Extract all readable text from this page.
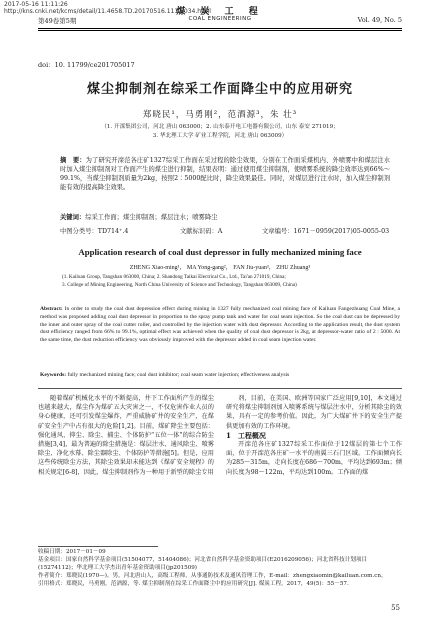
2017-05-16 11:11:26
http://kns.cnki.net/kcms/detail/11.4658.TD.20170516.1111.034.html
煤 炭 工 程
COAL ENGINEERING
第49卷第5期	Vol. 49, No. 5
doi：10. 11799/ce201705017
煤尘抑制剂在综采工作面降尘中的应用研究
郑晓民¹，马勇刚²，范酒源³，朱 壮³
（1. 开滦集团公司，河北 唐山 063000；2. 山东泰开电工电器有限公司，山东 泰安 271019；
3. 华北理工大学 矿业工程学院，河北 唐山 063009）
摘　要：为了研究开滦范各庄矿1327综采工作面在采过程的除尘效果，分别在工作面采煤机内、外喷雾中和煤层注水时加入煤尘抑制剂对工作面产生的煤尘进行抑制，结果表明：通过使用煤尘抑制剂，使喷雾系统的降尘效率达到66%～99.1%，当煤尘抑制剂质量为2kg，按照2∶5000配比时，降尘效果最佳。同时，对煤层进行注水时，加入煤尘抑制剂能有效的提高降尘效果。
关键词：综采工作面；煤尘抑制剂；煤层注水；喷雾降尘
中图分类号：TD714⁺.4	文献标识码：A	文章编号：1671－0959(2017)05-0055-03
Application research of coal dust depressor in fully mechanized mining face
ZHENG Xiao-ming¹， MA Yong-gang²， FAN Jiu-yuan³， ZHU Zhuang³
(1. Kailuan Group, Tangshan 063000, China; 2. Shandong Taikai Electrical Co., Ltd., Tai'an 271019, China;
3. College of Mining Engineering, North China University of Science and Technology, Tangshan 063009, China)
Abstract: In order to study the coal dust depression effect during mining in 1327 fully mechanized coal mining face of Kailuan Fangezhuang Coal Mine, a method was proposed adding coal dust depressor in proportion to the spray pump tank and water for coal seam injection. So the coal dust can be depressed by the inner and outer spray of the coal cutter roller, and controlled by the injection water with dust depressor. According to the application result, the dust system dust efficiency ranged from 66% to 99.1%, optimal effect was achieved when the quality of coal dust depressor is 2kg, at depressor-water ratio of 2 : 5000. At the same time, the dust reduction efficiency was obviously improved with the depressor added in coal seam injection water.
Keywords: fully mechanized mining face; coal dust inhibitor; coal seam water injection; effectiveness analysis

随着煤矿机械化水平的不断提高，井下工作面所产生的煤尘也越来越大，煤尘作为煤矿五大灾害之一，不仅危害作业人员的身心健康，还可引发煤尘爆炸，严重威胁矿井的安全生产，在煤矿安全生产中占有很大的危险[1,2]。目前，煤矿降尘主要包括：强化通风、抑尘、除尘、捕尘、个体防护“五位一体”的综合防尘措施[3,4]，最为普遍的除尘措施是：煤层注水、通风除尘、喷雾除尘、净化水幕、除尘器除尘、个体防护等措施[5]。但是，应用这些传统除尘方法，其除尘效果却未能达到《煤矿安全规程》的相关规定[6-8]，因此，煤尘抑制剂作为一种用于新型的除尘专用

剂，目前，在美国、欧洲等国家广泛应用[9,10]，本文通过研究将煤尘抑制剂加入喷雾系统与煤层注水中，分析其除尘的效果，具有一定的参考价值。因此，为广大煤矿井下的安全生产提供更加有效的工作环境。

1　工程概况

开滦范各庄矿1327综采工作面位于12煤层的第七个工作面，位于开滦范各庄矿一水平的南翼三石门区域。工作面倾向长为285～315m，走向长度在686～700m，平均达到693m；倾向长度为98～122m，平均达到100m。工作面的煤

收稿日期：2017－01－09
基金项目：国家自然科学基金项目(51504077，51404086)；河北省自然科学基金资助项目(E2016209056)；河北省科技计划项目(15274112)；华北理工大学杰出青年基金资助项目(jp201509)
作者简介：郑晓民(1970—)，男，河北唐山人，高级工程师，从事通防技术及通风管理工作，E-mail：zhengxiaomin@kailuan.com.cn。
引用格式：郑晓民，马勇刚，范酒源，等. 煤尘抑制剂在综采工作面降尘中的应用研究[J]. 煤炭工程，2017，49(5)：55－57.
55
